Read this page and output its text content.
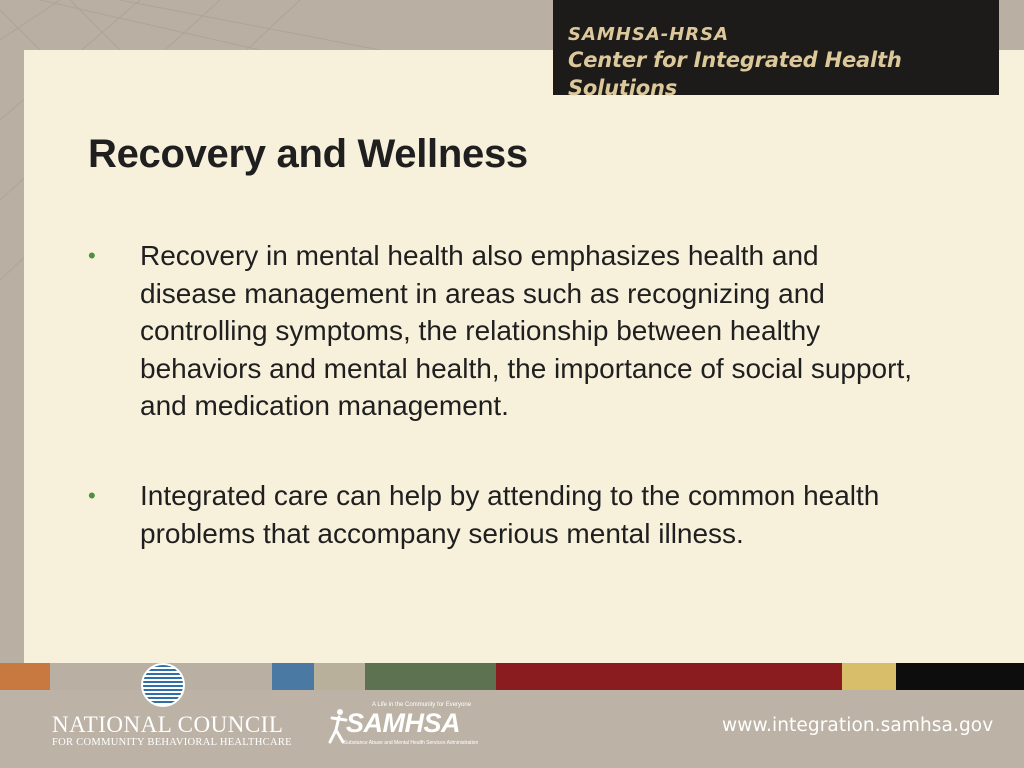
SAMHSA-HRSA
Center for Integrated Health Solutions
Recovery and Wellness
•	Recovery in mental health also emphasizes health and disease management in areas such as recognizing and controlling symptoms, the relationship between healthy behaviors and mental health, the importance of social support, and medication management.
•	Integrated care can help by attending to the common health problems that accompany serious mental illness.
NATIONAL COUNCIL
FOR COMMUNITY BEHAVIORAL HEALTHCARE
A Life in the Community for Everyone
SAMHSA
Substance Abuse and Mental Health Services Administration
www.integration.samhsa.gov
